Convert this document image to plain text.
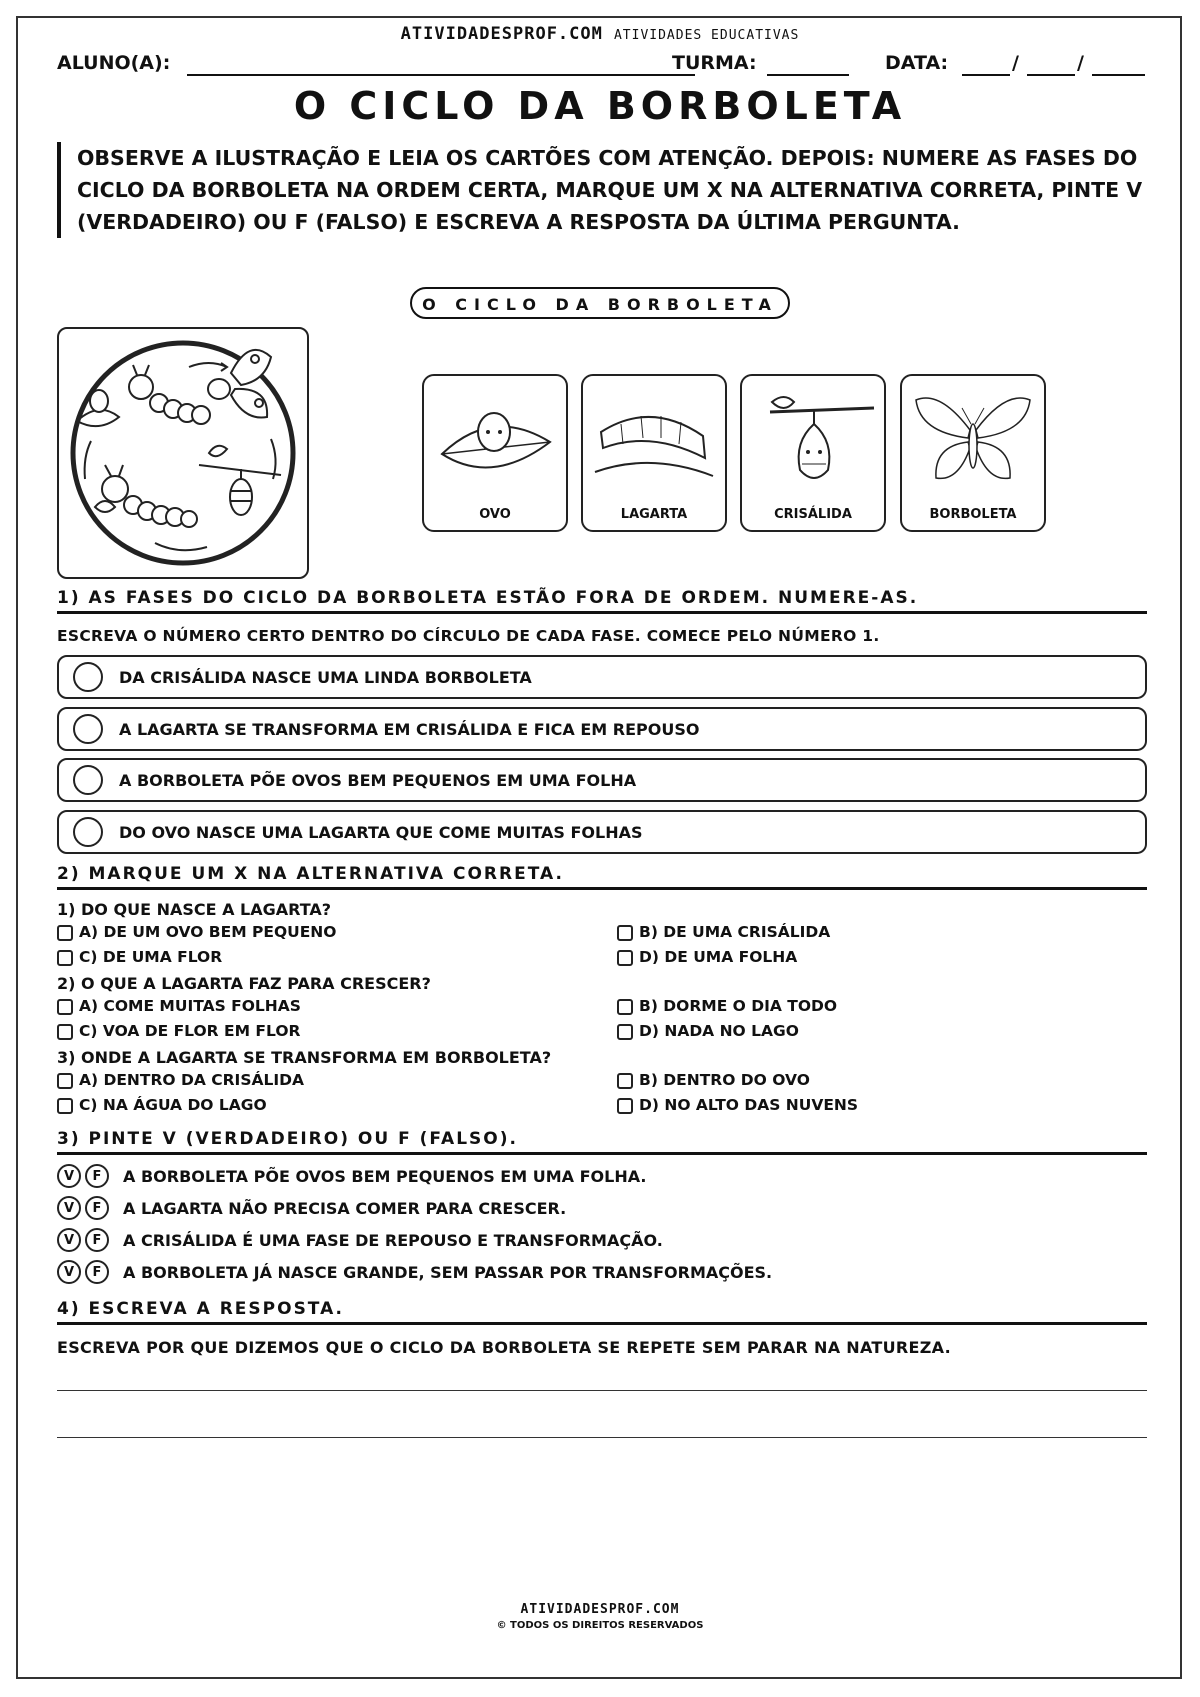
ATIVIDADESPROF.COM ATIVIDADES EDUCATIVAS
ALUNO(A):	TURMA:	DATA:	/	/
O CICLO DA BORBOLETA
OBSERVE A ILUSTRAÇÃO E LEIA OS CARTÕES COM ATENÇÃO. DEPOIS: NUMERE AS FASES DO CICLO DA BORBOLETA NA ORDEM CERTA, MARQUE UM X NA ALTERNATIVA CORRETA, PINTE V (VERDADEIRO) OU F (FALSO) E ESCREVA A RESPOSTA DA ÚLTIMA PERGUNTA.
O CICLO DA BORBOLETA
OVO	LAGARTA	CRISÁLIDA	BORBOLETA
1) AS FASES DO CICLO DA BORBOLETA ESTÃO FORA DE ORDEM. NUMERE-AS.
ESCREVA O NÚMERO CERTO DENTRO DO CÍRCULO DE CADA FASE. COMECE PELO NÚMERO 1.
DA CRISÁLIDA NASCE UMA LINDA BORBOLETA
A LAGARTA SE TRANSFORMA EM CRISÁLIDA E FICA EM REPOUSO
A BORBOLETA PÕE OVOS BEM PEQUENOS EM UMA FOLHA
DO OVO NASCE UMA LAGARTA QUE COME MUITAS FOLHAS
2) MARQUE UM X NA ALTERNATIVA CORRETA.
1) DO QUE NASCE A LAGARTA?
A) DE UM OVO BEM PEQUENO	B) DE UMA CRISÁLIDA
C) DE UMA FLOR	D) DE UMA FOLHA
2) O QUE A LAGARTA FAZ PARA CRESCER?
A) COME MUITAS FOLHAS	B) DORME O DIA TODO
C) VOA DE FLOR EM FLOR	D) NADA NO LAGO
3) ONDE A LAGARTA SE TRANSFORMA EM BORBOLETA?
A) DENTRO DA CRISÁLIDA	B) DENTRO DO OVO
C) NA ÁGUA DO LAGO	D) NO ALTO DAS NUVENS
3) PINTE V (VERDADEIRO) OU F (FALSO).
V F A BORBOLETA PÕE OVOS BEM PEQUENOS EM UMA FOLHA.
V F A LAGARTA NÃO PRECISA COMER PARA CRESCER.
V F A CRISÁLIDA É UMA FASE DE REPOUSO E TRANSFORMAÇÃO.
V F A BORBOLETA JÁ NASCE GRANDE, SEM PASSAR POR TRANSFORMAÇÕES.
4) ESCREVA A RESPOSTA.
ESCREVA POR QUE DIZEMOS QUE O CICLO DA BORBOLETA SE REPETE SEM PARAR NA NATUREZA.
ATIVIDADESPROF.COM
© TODOS OS DIREITOS RESERVADOS
